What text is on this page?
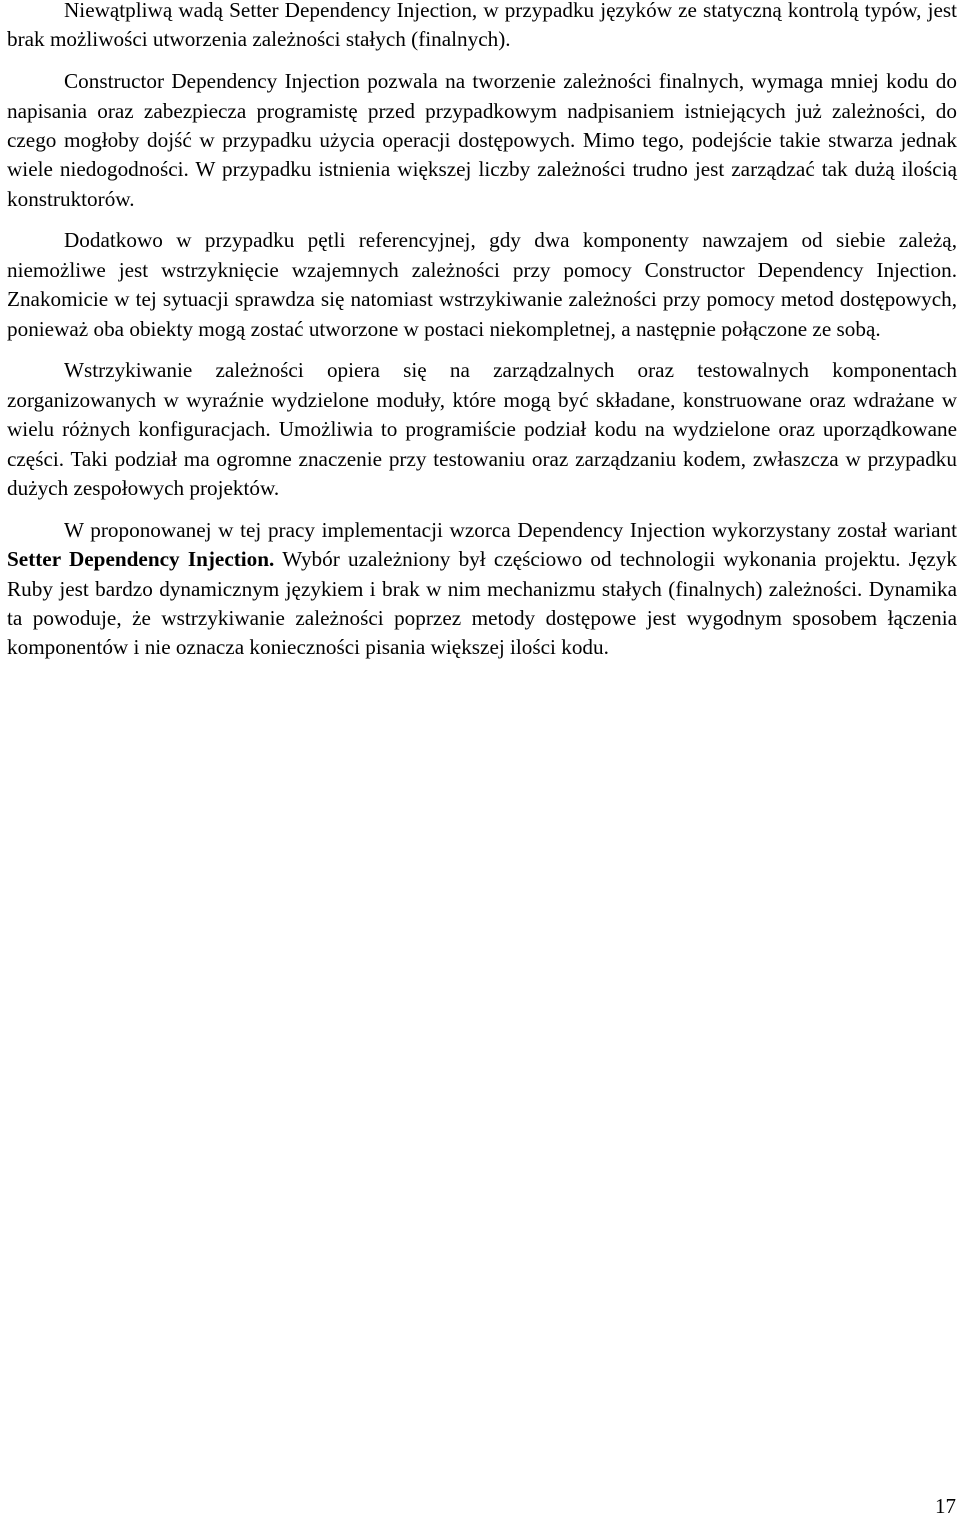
Niewątpliwą wadą Setter Dependency Injection, w przypadku języków ze statyczną kontrolą typów, jest brak możliwości utworzenia zależności stałych (finalnych).

Constructor Dependency Injection pozwala na tworzenie zależności finalnych, wymaga mniej kodu do napisania oraz zabezpiecza programistę przed przypadkowym nadpisaniem istniejących już zależności, do czego mogłoby dojść w przypadku użycia operacji dostępowych. Mimo tego, podejście takie stwarza jednak wiele niedogodności. W przypadku istnienia większej liczby zależności trudno jest zarządzać tak dużą ilością konstruktorów.

Dodatkowo w przypadku pętli referencyjnej, gdy dwa komponenty nawzajem od siebie zależą, niemożliwe jest wstrzyknięcie wzajemnych zależności przy pomocy Constructor Dependency Injection. Znakomicie w tej sytuacji sprawdza się natomiast wstrzykiwanie zależności przy pomocy metod dostępowych, ponieważ oba obiekty mogą zostać utworzone w postaci niekompletnej, a następnie połączone ze sobą.

Wstrzykiwanie zależności opiera się na zarządzalnych oraz testowalnych komponentach zorganizowanych w wyraźnie wydzielone moduły, które mogą być składane, konstruowane oraz wdrażane w wielu różnych konfiguracjach. Umożliwia to programiście podział kodu na wydzielone oraz uporządkowane części. Taki podział ma ogromne znaczenie przy testowaniu oraz zarządzaniu kodem, zwłaszcza w przypadku dużych zespołowych projektów.

W proponowanej w tej pracy implementacji wzorca Dependency Injection wykorzystany został wariant Setter Dependency Injection. Wybór uzależniony był częściowo od technologii wykonania projektu. Język Ruby jest bardzo dynamicznym językiem i brak w nim mechanizmu stałych (finalnych) zależności. Dynamika ta powoduje, że wstrzykiwanie zależności poprzez metody dostępowe jest wygodnym sposobem łączenia komponentów i nie oznacza konieczności pisania większej ilości kodu.

17
